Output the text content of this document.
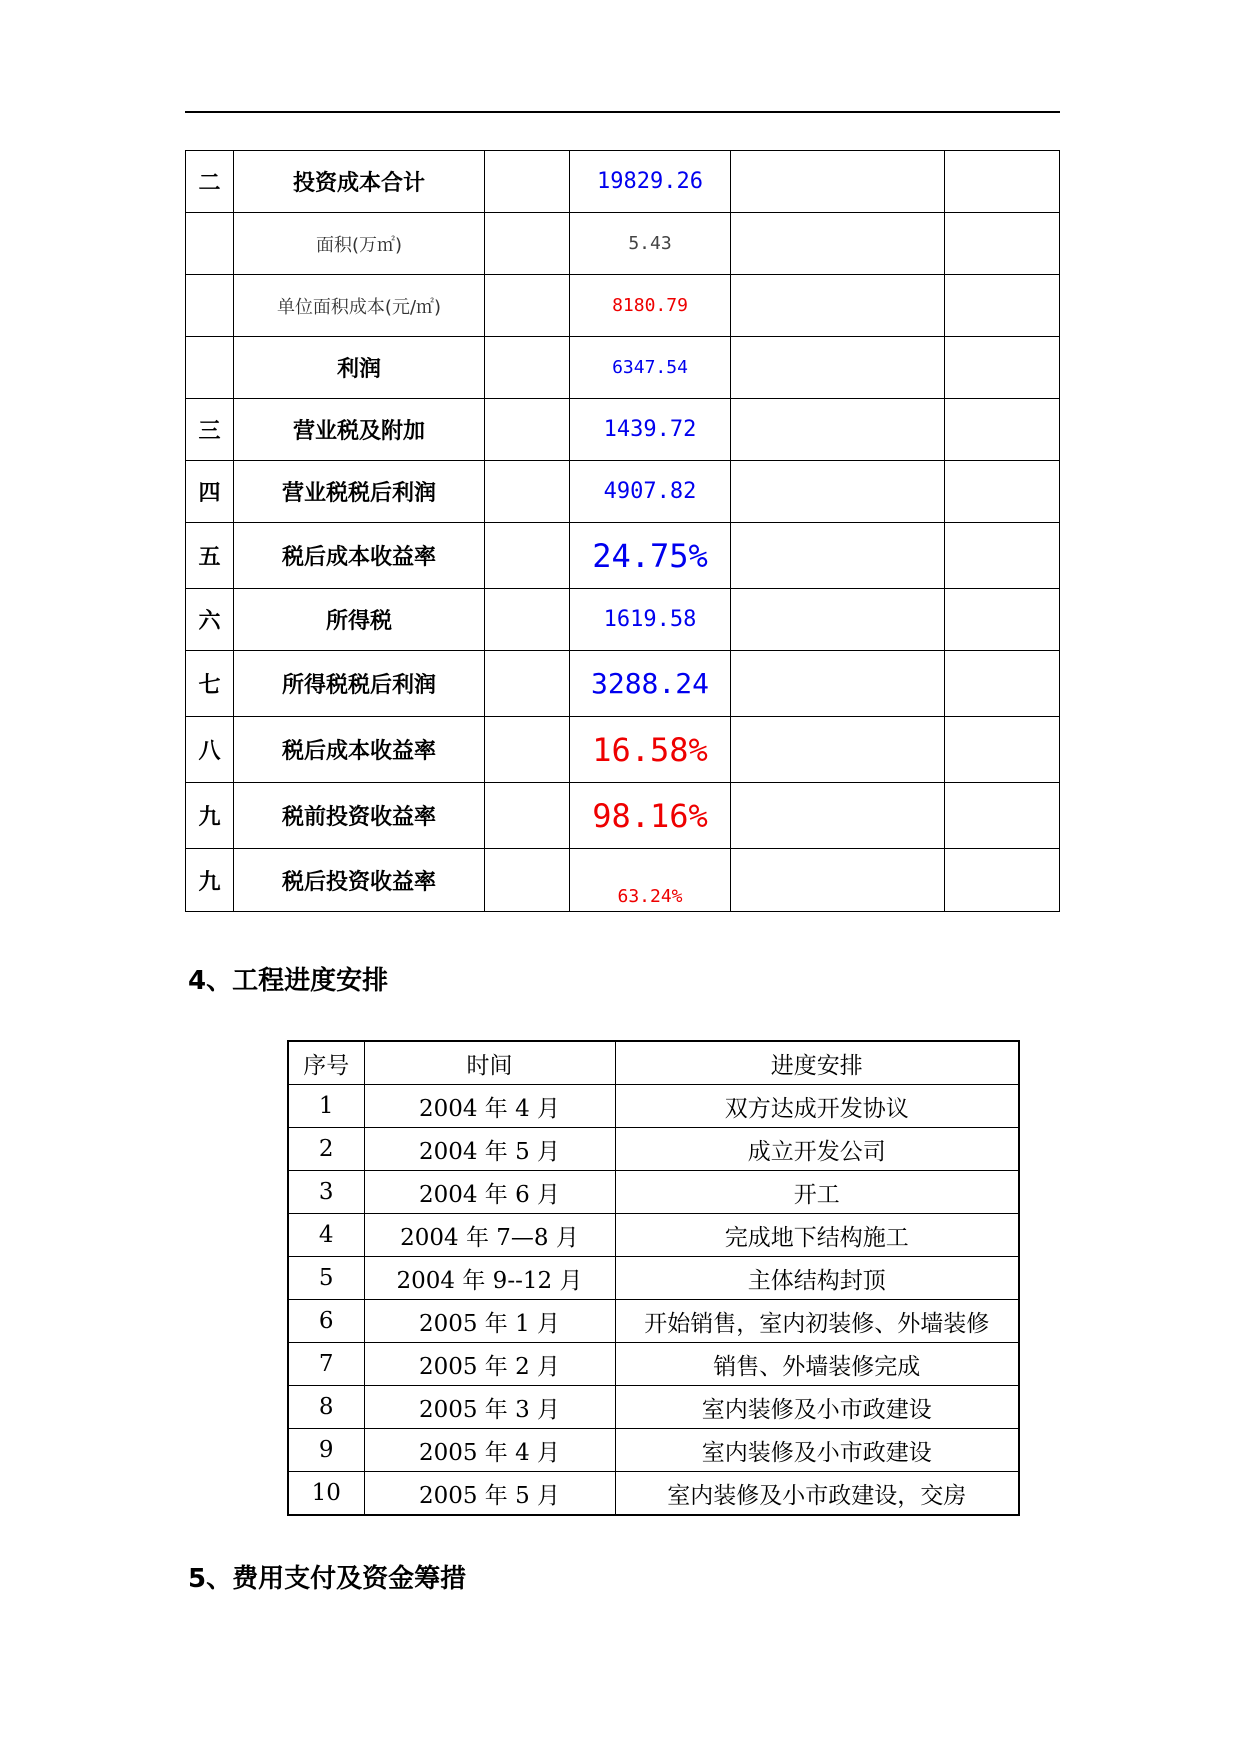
二	投资成本合计		19829.26		
	面积(万㎡)		5.43		
	单位面积成本(元/㎡)		8180.79		
	利润		6347.54		
三	营业税及附加		1439.72		
四	营业税税后利润		4907.82		
五	税后成本收益率		24.75%		
六	所得税		1619.58		
七	所得税税后利润		3288.24		
八	税后成本收益率		16.58%		
九	税前投资收益率		98.16%		
九	税后投资收益率		63.24%		
4、工程进度安排
序号	时间	进度安排
1	2004 年 4 月	双方达成开发协议
2	2004 年 5 月	成立开发公司
3	2004 年 6 月	开工
4	2004 年 7—8 月	完成地下结构施工
5	2004 年 9--12 月	主体结构封顶
6	2005 年 1 月	开始销售，室内初装修、外墙装修
7	2005 年 2 月	销售、外墙装修完成
8	2005 年 3 月	室内装修及小市政建设
9	2005 年 4 月	室内装修及小市政建设
10	2005 年 5 月	室内装修及小市政建设，交房
5、费用支付及资金筹措
